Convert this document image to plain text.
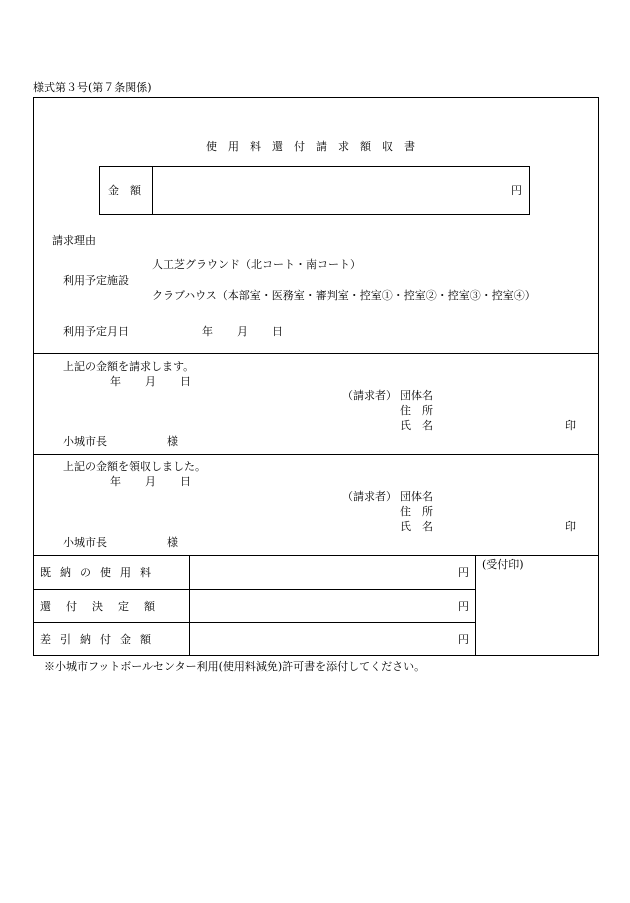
様式第３号(第７条関係)
使　用　料　還　付　請　求　額　収　書
金　額	円
請求理由
人工芝グラウンド（北コート・南コート）
利用予定施設
クラブハウス（本部室・医務室・審判室・控室①・控室②・控室③・控室④）
利用予定月日	年 月 日
上記の金額を請求します。
年 月 日
（請求者） 団体名
住　所
氏　名	印
小城市長	様
上記の金額を領収しました。
年 月 日
（請求者） 団体名
住　所
氏　名	印
小城市長	様
既納の使用料	円
還付決定額	円
差引納付金額	円
(受付印)
※小城市フットボールセンター利用(使用料減免)許可書を添付してください。
